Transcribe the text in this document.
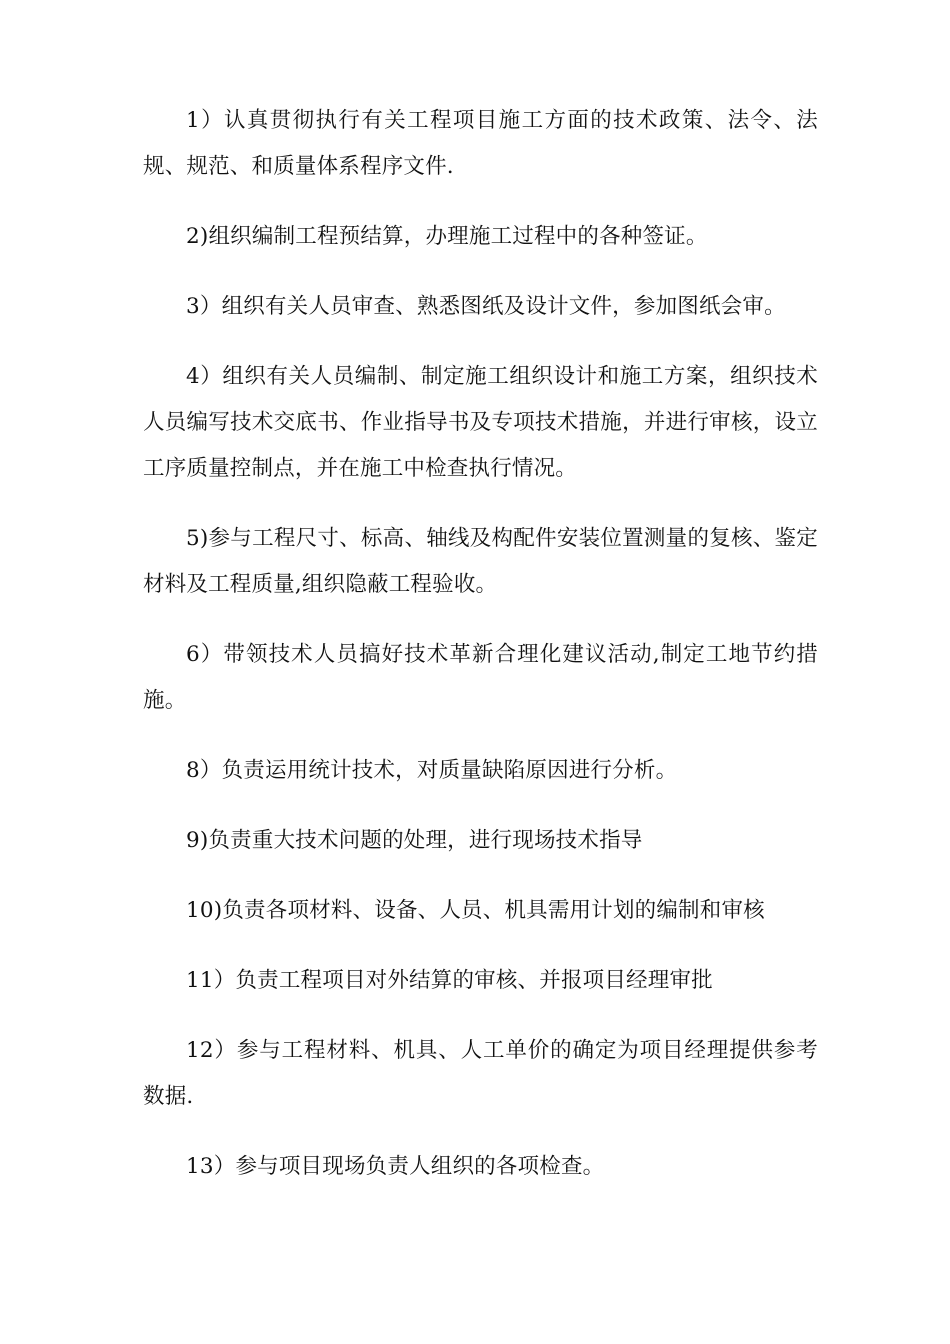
1）认真贯彻执行有关工程项目施工方面的技术政策、法令、法规、规范、和质量体系程序文件.

2)组织编制工程预结算，办理施工过程中的各种签证。

3）组织有关人员审查、熟悉图纸及设计文件，参加图纸会审。

4）组织有关人员编制、制定施工组织设计和施工方案，组织技术人员编写技术交底书、作业指导书及专项技术措施，并进行审核，设立工序质量控制点，并在施工中检查执行情况。

5)参与工程尺寸、标高、轴线及构配件安装位置测量的复核、鉴定材料及工程质量,组织隐蔽工程验收。

6）带领技术人员搞好技术革新合理化建议活动,制定工地节约措施。

8）负责运用统计技术，对质量缺陷原因进行分析。

9)负责重大技术问题的处理，进行现场技术指导

10)负责各项材料、设备、人员、机具需用计划的编制和审核

11）负责工程项目对外结算的审核、并报项目经理审批

12）参与工程材料、机具、人工单价的确定为项目经理提供参考数据.

13）参与项目现场负责人组织的各项检查。
